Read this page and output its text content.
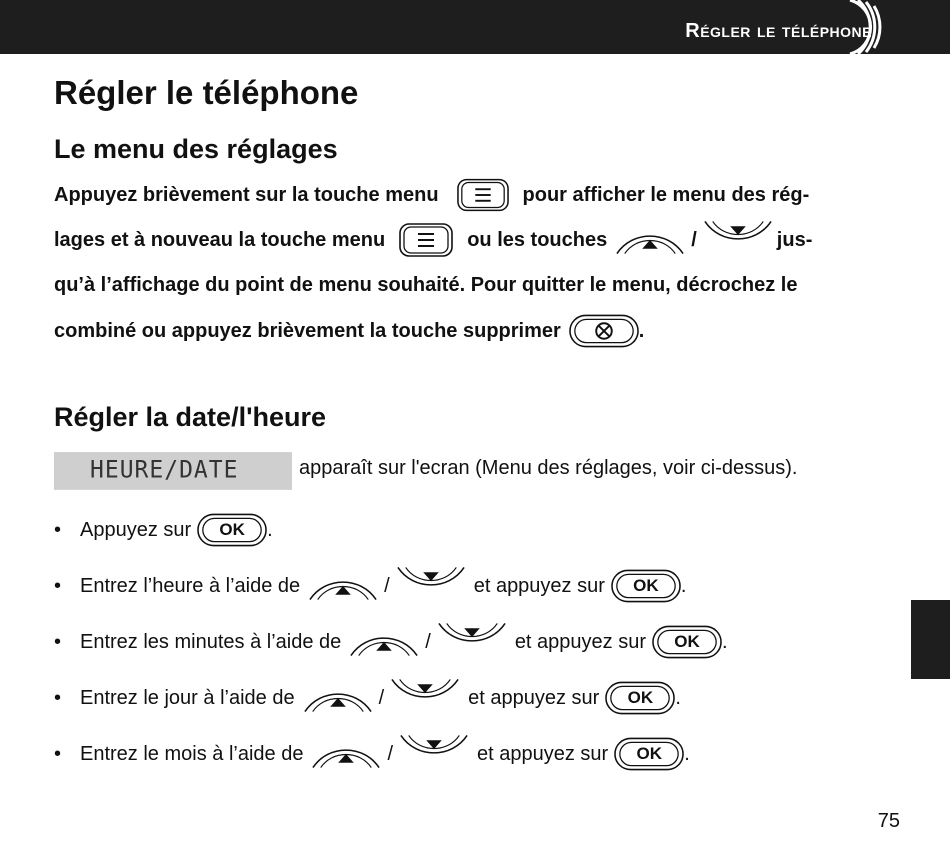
Régler le téléphone
Régler le téléphone
Le menu des réglages
Appuyez brièvement sur la touche menu	pour afficher le menu des rég-
lages et à nouveau la touche menu	ou les touches	/	jus-
qu’à l’affichage du point de menu souhaité. Pour quitter le menu, décrochez le
combiné ou appuyez brièvement la touche supprimer	.
Régler la date/l'heure
HEURE/DATE	apparaît sur l'ecran (Menu des réglages, voir ci-dessus).
• Appuyez sur	OK	.
• Entrez l’heure à l’aide de	/	et appuyez sur	OK	.
• Entrez les minutes à l’aide de	/	et appuyez sur	OK	.
• Entrez le jour à l’aide de	/	et appuyez sur	OK	.
• Entrez le mois à l’aide de	/	et appuyez sur	OK	.
75
